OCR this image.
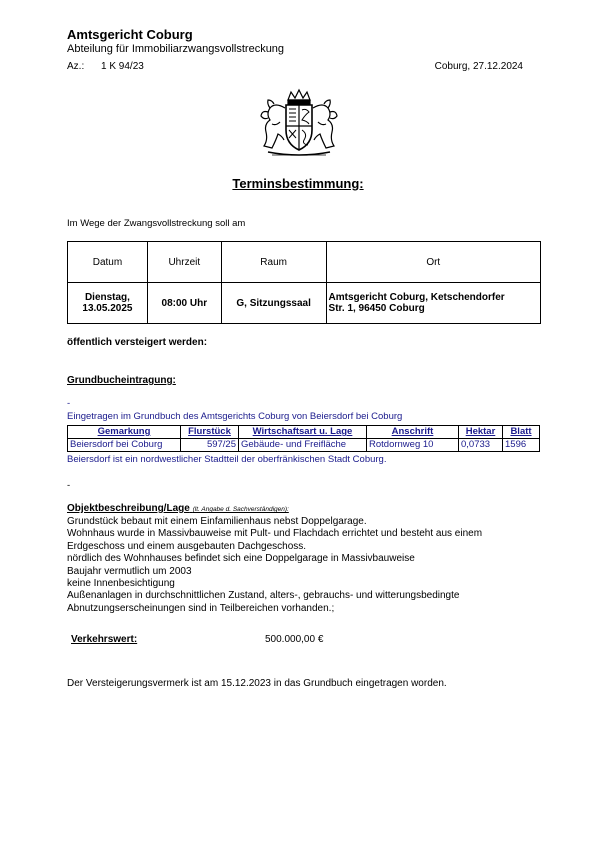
Amtsgericht Coburg
Abteilung für Immobiliarzwangsvollstreckung
Az.: 1 K 94/23	Coburg, 27.12.2024
Terminsbestimmung:
Im Wege der Zwangsvollstreckung soll am
Datum	Uhrzeit	Raum	Ort
Dienstag,
13.05.2025	08:00 Uhr	G, Sitzungssaal	Amtsgericht Coburg, Ketschendorfer
Str. 1, 96450 Coburg
öffentlich versteigert werden:
Grundbucheintragung:
-
Eingetragen im Grundbuch des Amtsgerichts Coburg von Beiersdorf bei Coburg
Gemarkung	Flurstück	Wirtschaftsart u. Lage	Anschrift	Hektar	Blatt
Beiersdorf bei Coburg	597/25	Gebäude- und Freifläche	Rotdornweg 10	0,0733	1596
Beiersdorf ist ein nordwestlicher Stadtteil der oberfränkischen Stadt Coburg.
-
Objektbeschreibung/Lage (lt. Angabe d. Sachverständigen):
Grundstück bebaut mit einem Einfamilienhaus nebst Doppelgarage.
Wohnhaus wurde in Massivbauweise mit Pult- und Flachdach errichtet und besteht aus einem
Erdgeschoss und einem ausgebauten Dachgeschoss.
nördlich des Wohnhauses befindet sich eine Doppelgarage in Massivbauweise
Baujahr vermutlich um 2003
keine Innenbesichtigung
Außenanlagen in durchschnittlichen Zustand, alters-, gebrauchs- und witterungsbedingte
Abnutzungserscheinungen sind in Teilbereichen vorhanden.;
Verkehrswert:	500.000,00 €
Der Versteigerungsvermerk ist am 15.12.2023 in das Grundbuch eingetragen worden.
